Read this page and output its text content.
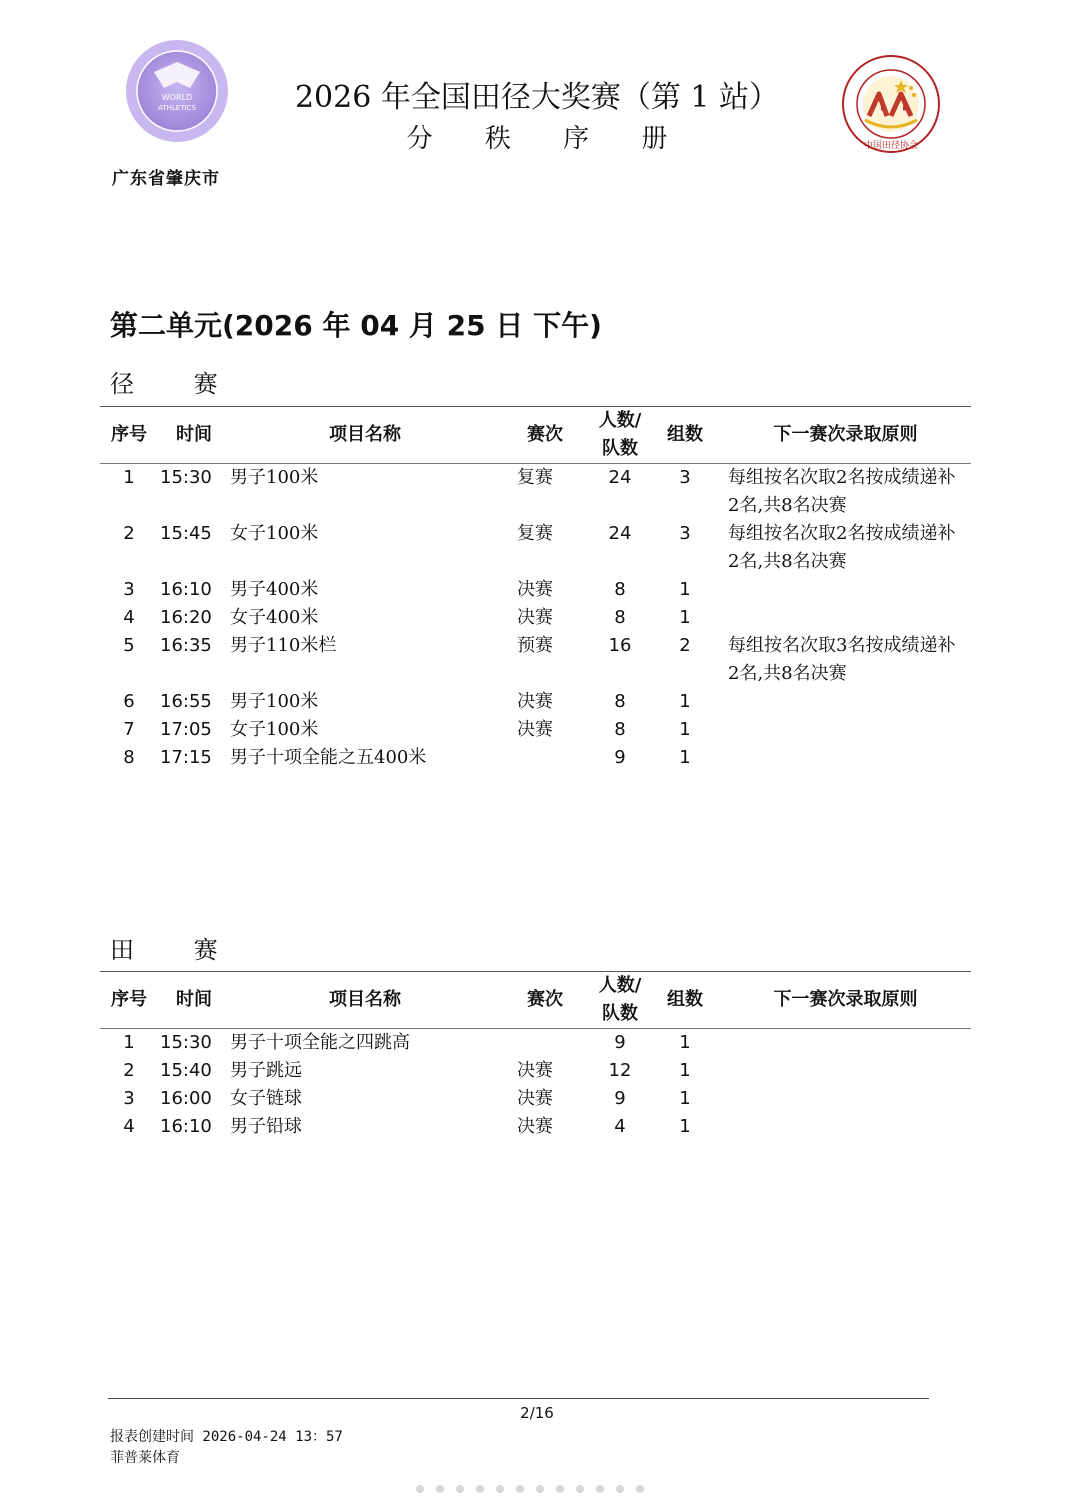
WORLD
ATHLETICS	2026 年全国田径大奖赛（第 1 站）
分 秩 序 册
广东省肇庆市
中国田径协会
第二单元(2026 年 04 月 25 日 下午)
径 赛
序号	时间	项目名称	赛次	人数/
队数	组数	下一赛次录取原则
1	15:30	男子100米	复赛	24	3	每组按名次取2名按成绩递补
2名,共8名决赛

2	15:45	女子100米	复赛	24	3	每组按名次取2名按成绩递补
2名,共8名决赛

3	16:10	男子400米	决赛	8	1	
4	16:20	女子400米	决赛	8	1	
5	16:35	男子110米栏	预赛	16	2	每组按名次取3名按成绩递补
2名,共8名决赛

6	16:55	男子100米	决赛	8	1	
7	17:05	女子100米	决赛	8	1	
8	17:15	男子十项全能之五400米		9	1	
田 赛
序号	时间	项目名称	赛次	人数/
队数	组数	下一赛次录取原则
1	15:30	男子十项全能之四跳高		9	1	
2	15:40	男子跳远	决赛	12	1	
3	16:00	女子链球	决赛	9	1	
4	16:10	男子铅球	决赛	4	1	
2/16
报表创建时间 2026-04-24 13：57
菲普莱体育
